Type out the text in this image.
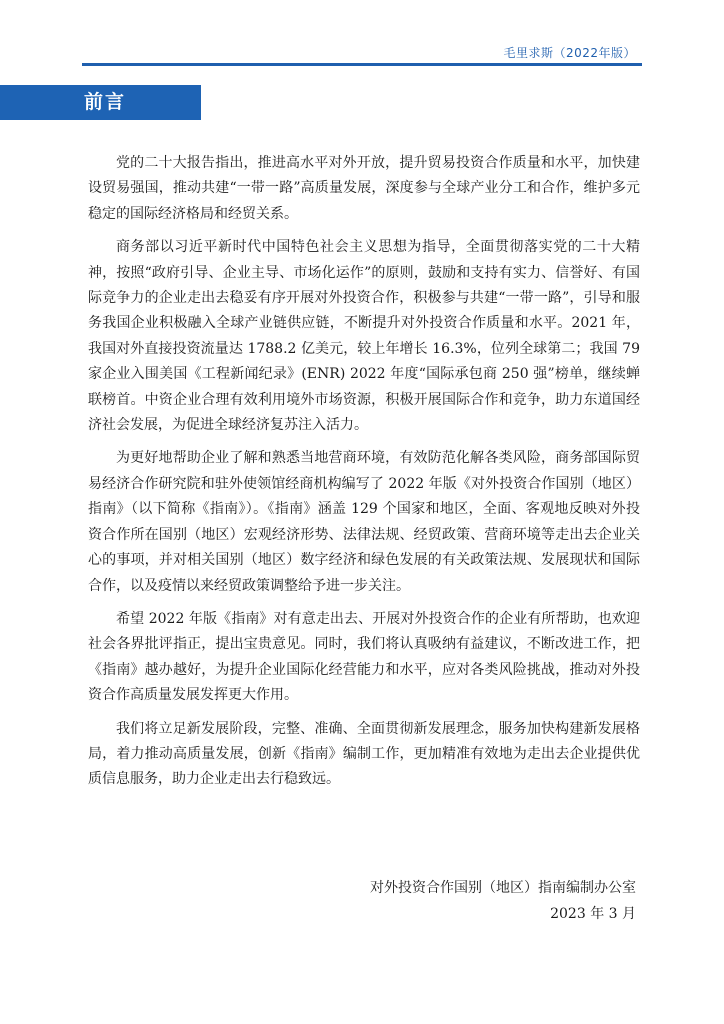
毛里求斯（2022年版）
前言

党的二十大报告指出，推进高水平对外开放，提升贸易投资合作质量和水平，加快建设贸易强国，推动共建“一带一路”高质量发展，深度参与全球产业分工和合作，维护多元稳定的国际经济格局和经贸关系。

商务部以习近平新时代中国特色社会主义思想为指导，全面贯彻落实党的二十大精神，按照“政府引导、企业主导、市场化运作”的原则，鼓励和支持有实力、信誉好、有国际竞争力的企业走出去稳妥有序开展对外投资合作，积极参与共建“一带一路”，引导和服务我国企业积极融入全球产业链供应链，不断提升对外投资合作质量和水平。2021 年，我国对外直接投资流量达 1788.2 亿美元，较上年增长 16.3%，位列全球第二；我国 79 家企业入围美国《工程新闻纪录》(ENR) 2022 年度“国际承包商 250 强”榜单，继续蝉联榜首。中资企业合理有效利用境外市场资源，积极开展国际合作和竞争，助力东道国经济社会发展，为促进全球经济复苏注入活力。

为更好地帮助企业了解和熟悉当地营商环境，有效防范化解各类风险，商务部国际贸易经济合作研究院和驻外使领馆经商机构编写了 2022 年版《对外投资合作国别（地区）指南》（以下简称《指南》）。《指南》涵盖 129 个国家和地区，全面、客观地反映对外投资合作所在国别（地区）宏观经济形势、法律法规、经贸政策、营商环境等走出去企业关心的事项，并对相关国别（地区）数字经济和绿色发展的有关政策法规、发展现状和国际合作，以及疫情以来经贸政策调整给予进一步关注。

希望 2022 年版《指南》对有意走出去、开展对外投资合作的企业有所帮助，也欢迎社会各界批评指正，提出宝贵意见。同时，我们将认真吸纳有益建议，不断改进工作，把《指南》越办越好，为提升企业国际化经营能力和水平，应对各类风险挑战，推动对外投资合作高质量发展发挥更大作用。

我们将立足新发展阶段，完整、准确、全面贯彻新发展理念，服务加快构建新发展格局，着力推动高质量发展，创新《指南》编制工作，更加精准有效地为走出去企业提供优质信息服务，助力企业走出去行稳致远。

对外投资合作国别（地区）指南编制办公室
2023 年 3 月
